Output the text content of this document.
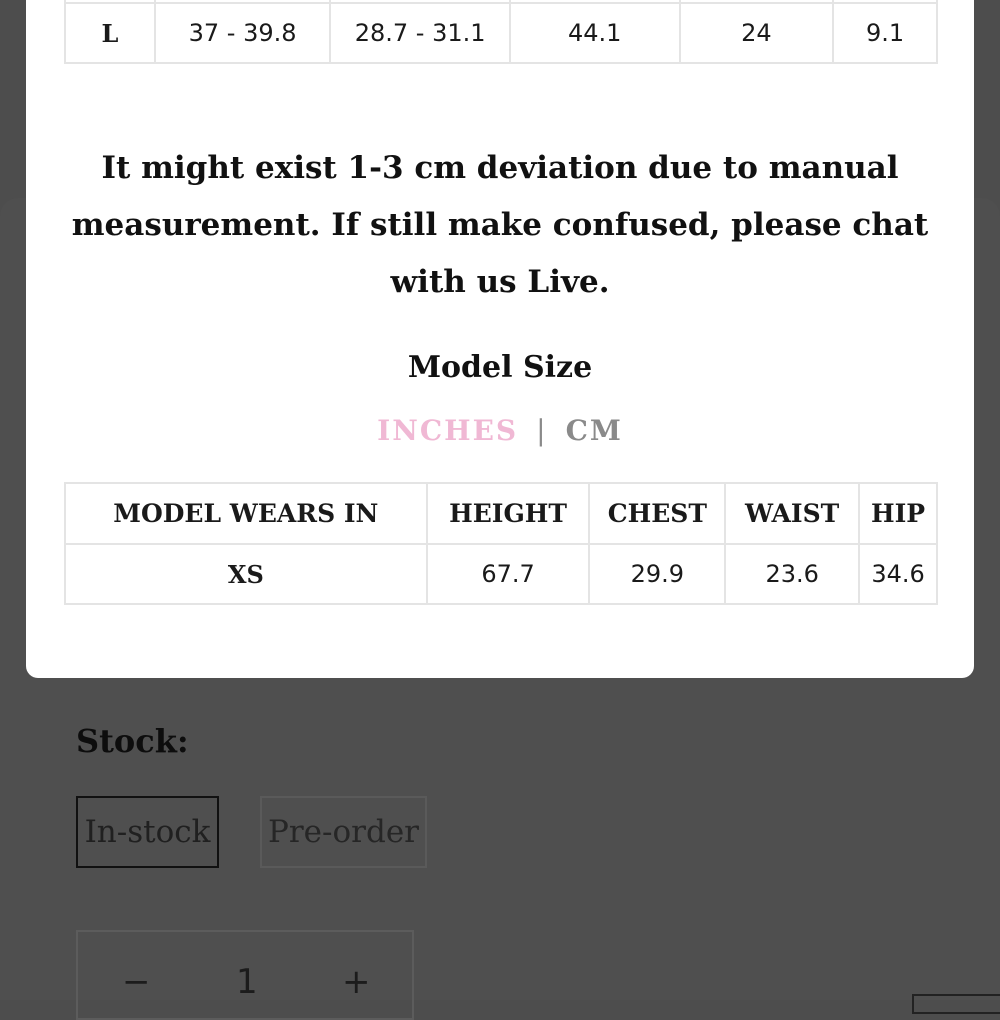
L	37 - 39.8	28.7 - 31.1	44.1	24	9.1
It might exist 1-3 cm deviation due to manual
measurement. If still make confused, please chat
with us Live.
Model Size
INCHES | CM
MODEL WEARS IN	HEIGHT	CHEST	WAIST	HIP
XS	67.7	29.9	23.6	34.6
Stock:
In-stock Pre-order
−	1 +
